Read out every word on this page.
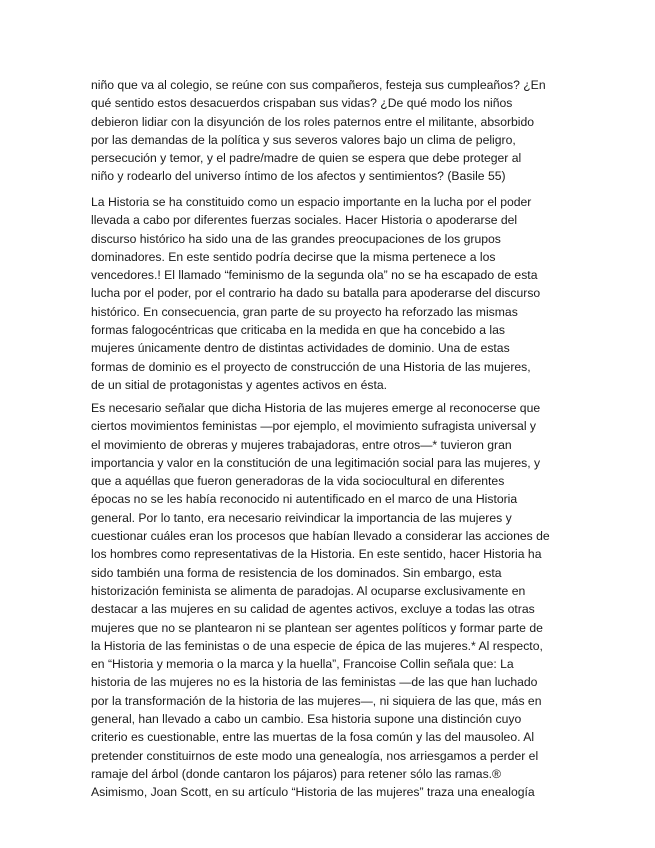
niño que va al colegio, se reúne con sus compañeros, festeja sus cumpleaños? ¿En
qué sentido estos desacuerdos crispaban sus vidas? ¿De qué modo los niños
debieron lidiar con la disyunción de los roles paternos entre el militante, absorbido
por las demandas de la política y sus severos valores bajo un clima de peligro,
persecución y temor, y el padre/madre de quien se espera que debe proteger al
niño y rodearlo del universo íntimo de los afectos y sentimientos? (Basile 55)
La Historia se ha constituido como un espacio importante en la lucha por el poder
llevada a cabo por diferentes fuerzas sociales. Hacer Historia o apoderarse del
discurso histórico ha sido una de las grandes preocupaciones de los grupos
dominadores. En este sentido podría decirse que la misma pertenece a los
vencedores.! El llamado “feminismo de la segunda ola” no se ha escapado de esta
lucha por el poder, por el contrario ha dado su batalla para apoderarse del discurso
histórico. En consecuencia, gran parte de su proyecto ha reforzado las mismas
formas falogocéntricas que criticaba en la medida en que ha concebido a las
mujeres únicamente dentro de distintas actividades de dominio. Una de estas
formas de dominio es el proyecto de construcción de una Historia de las mujeres,
de un sitial de protagonistas y agentes activos en ésta.
Es necesario señalar que dicha Historia de las mujeres emerge al reconocerse que
ciertos movimientos feministas —por ejemplo, el movimiento sufragista universal y
el movimiento de obreras y mujeres trabajadoras, entre otros—* tuvieron gran
importancia y valor en la constitución de una legitimación social para las mujeres, y
que a aquéllas que fueron generadoras de la vida sociocultural en diferentes
épocas no se les había reconocido ni autentificado en el marco de una Historia
general. Por lo tanto, era necesario reivindicar la importancia de las mujeres y
cuestionar cuáles eran los procesos que habían llevado a considerar las acciones de
los hombres como representativas de la Historia. En este sentido, hacer Historia ha
sido también una forma de resistencia de los dominados. Sin embargo, esta
historización feminista se alimenta de paradojas. Al ocuparse exclusivamente en
destacar a las mujeres en su calidad de agentes activos, excluye a todas las otras
mujeres que no se plantearon ni se plantean ser agentes políticos y formar parte de
la Historia de las feministas o de una especie de épica de las mujeres.* Al respecto,
en “Historia y memoria o la marca y la huella”, Francoise Collin señala que: La
historia de las mujeres no es la historia de las feministas —de las que han luchado
por la transformación de la historia de las mujeres—, ni siquiera de las que, más en
general, han llevado a cabo un cambio. Esa historia supone una distinción cuyo
criterio es cuestionable, entre las muertas de la fosa común y las del mausoleo. Al
pretender constituirnos de este modo una genealogía, nos arriesgamos a perder el
ramaje del árbol (donde cantaron los pájaros) para retener sólo las ramas.®
Asimismo, Joan Scott, en su artículo “Historia de las mujeres” traza una enealogía
